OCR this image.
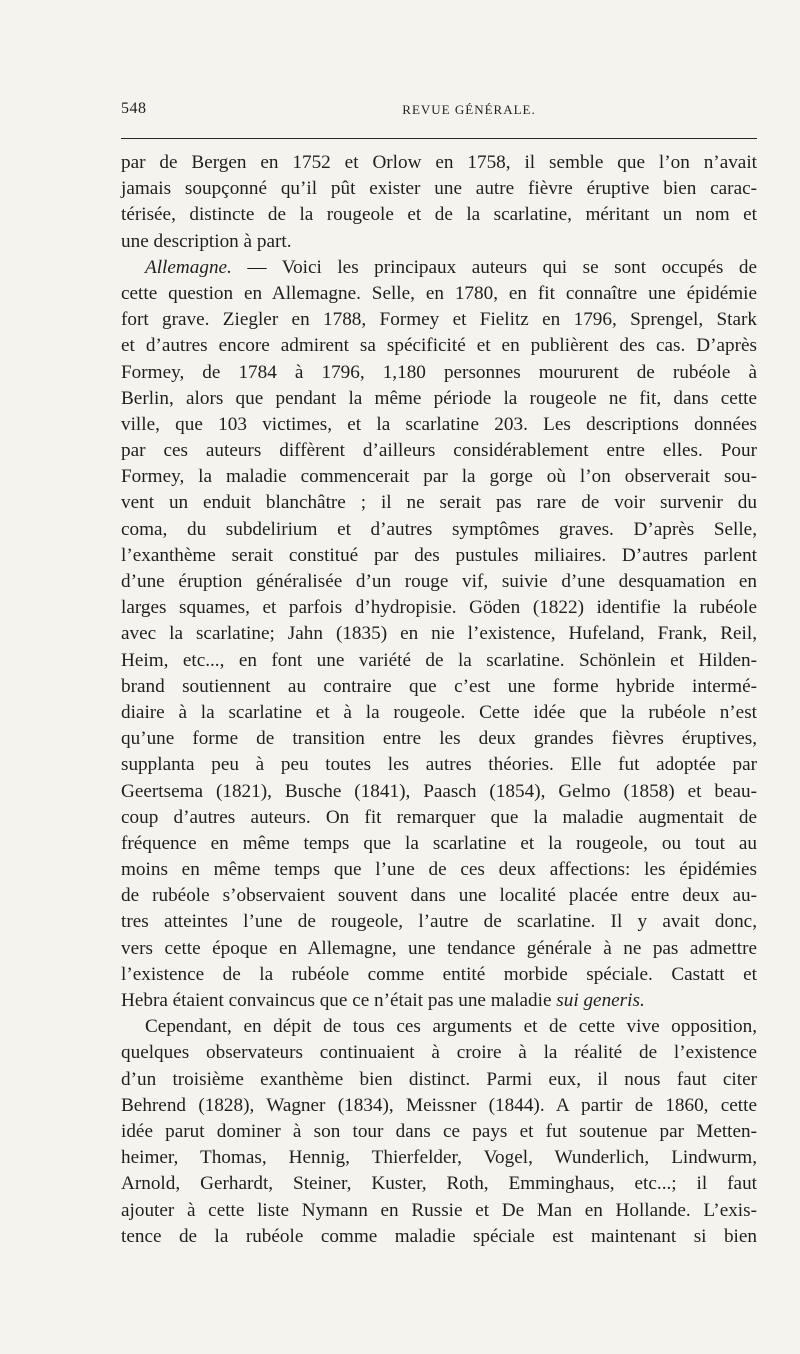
548	REVUE GÉNÉRALE.
par de Bergen en 1752 et Orlow en 1758, il semble que l’on n’avait
jamais soupçonné qu’il pût exister une autre fièvre éruptive bien carac-
térisée, distincte de la rougeole et de la scarlatine, méritant un nom et
une description à part.
Allemagne. — Voici les principaux auteurs qui se sont occupés de
cette question en Allemagne. Selle, en 1780, en fit connaître une épidémie
fort grave. Ziegler en 1788, Formey et Fielitz en 1796, Sprengel, Stark
et d’autres encore admirent sa spécificité et en publièrent des cas. D’après
Formey, de 1784 à 1796, 1,180 personnes moururent de rubéole à
Berlin, alors que pendant la même période la rougeole ne fit, dans cette
ville, que 103 victimes, et la scarlatine 203. Les descriptions données
par ces auteurs diffèrent d’ailleurs considérablement entre elles. Pour
Formey, la maladie commencerait par la gorge où l’on observerait sou-
vent un enduit blanchâtre ; il ne serait pas rare de voir survenir du
coma, du subdelirium et d’autres symptômes graves. D’après Selle,
l’exanthème serait constitué par des pustules miliaires. D’autres parlent
d’une éruption généralisée d’un rouge vif, suivie d’une desquamation en
larges squames, et parfois d’hydropisie. Göden (1822) identifie la rubéole
avec la scarlatine; Jahn (1835) en nie l’existence, Hufeland, Frank, Reil,
Heim, etc..., en font une variété de la scarlatine. Schönlein et Hilden-
brand soutiennent au contraire que c’est une forme hybride intermé-
diaire à la scarlatine et à la rougeole. Cette idée que la rubéole n’est
qu’une forme de transition entre les deux grandes fièvres éruptives,
supplanta peu à peu toutes les autres théories. Elle fut adoptée par
Geertsema (1821), Busche (1841), Paasch (1854), Gelmo (1858) et beau-
coup d’autres auteurs. On fit remarquer que la maladie augmentait de
fréquence en même temps que la scarlatine et la rougeole, ou tout au
moins en même temps que l’une de ces deux affections: les épidémies
de rubéole s’observaient souvent dans une localité placée entre deux au-
tres atteintes l’une de rougeole, l’autre de scarlatine. Il y avait donc,
vers cette époque en Allemagne, une tendance générale à ne pas admettre
l’existence de la rubéole comme entité morbide spéciale. Castatt et
Hebra étaient convaincus que ce n’était pas une maladie sui generis.
Cependant, en dépit de tous ces arguments et de cette vive opposition,
quelques observateurs continuaient à croire à la réalité de l’existence
d’un troisième exanthème bien distinct. Parmi eux, il nous faut citer
Behrend (1828), Wagner (1834), Meissner (1844). A partir de 1860, cette
idée parut dominer à son tour dans ce pays et fut soutenue par Metten-
heimer, Thomas, Hennig, Thierfelder, Vogel, Wunderlich, Lindwurm,
Arnold, Gerhardt, Steiner, Kuster, Roth, Emminghaus, etc...; il faut
ajouter à cette liste Nymann en Russie et De Man en Hollande. L’exis-
tence de la rubéole comme maladie spéciale est maintenant si bien
